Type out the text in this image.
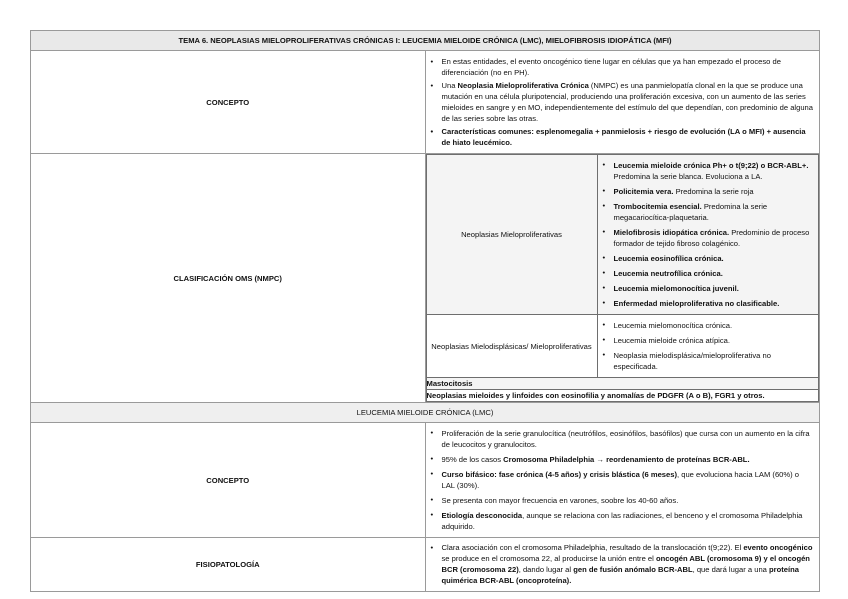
TEMA 6. NEOPLASIAS MIELOPROLIFERATIVAS CRÓNICAS I: LEUCEMIA MIELOIDE CRÓNICA (LMC), MIELOFIBROSIS IDIOPÁTICA (MFI)
CONCEPTO	
• En estas entidades, el evento oncogénico tiene lugar en células que ya han empezado el proceso de diferenciación (no en PH).
• Una Neoplasia Mieloproliferativa Crónica (NMPC) es una panmielopatía clonal en la que se produce una mutación en una célula pluripotencial, produciendo una proliferación excesiva, con un aumento de las series mieloides en sangre y en MO, independientemente del estímulo del que dependían, con predominio de alguna de las series sobre las otras.
• Características comunes: esplenomegalia + panmielosis + riesgo de evolución (LA o MFI) + ausencia de hiato leucémico.

CLASIFICACIÓN OMS (NMPC)	
Neoplasias Mieloproliferativas	
• Leucemia mieloide crónica Ph+ o t(9;22) o BCR-ABL+. Predomina la serie blanca. Evoluciona a LA.
• Policitemia vera. Predomina la serie roja
• Trombocitemia esencial. Predomina la serie megacariocítica-plaquetaria.
• Mielofibrosis idiopática crónica. Predominio de proceso formador de tejido fibroso colagénico.
• Leucemia eosinofílica crónica.
• Leucemia neutrofílica crónica.
• Leucemia mielomonocítica juvenil.
• Enfermedad mieloproliferativa no clasificable.

Neoplasias Mielodisplásicas/ Mieloproliferativas	
• Leucemia mielomonocítica crónica.
• Leucemia mieloide crónica atípica.
• Neoplasia mielodisplásica/mieloproliferativa no especificada.

Mastocitosis
Neoplasias mieloides y linfoides con eosinofilia y anomalías de PDGFR (A o B), FGR1 y otros.

LEUCEMIA MIELOIDE CRÓNICA (LMC)
CONCEPTO	
• Proliferación de la serie granulocítica (neutrófilos, eosinófilos, basófilos) que cursa con un aumento en la cifra de leucocitos y granulocitos.
• 95% de los casos Cromosoma Philadelphia → reordenamiento de proteínas BCR-ABL.
• Curso bifásico: fase crónica (4-5 años) y crisis blástica (6 meses), que evoluciona hacia LAM (60%) o LAL (30%).
• Se presenta con mayor frecuencia en varones, soobre los 40-60 años.
• Etiología desconocida, aunque se relaciona con las radiaciones, el benceno y el cromosoma Philadelphia adquirido.

FISIOPATOLOGÍA	
• Clara asociación con el cromosoma Philadelphia, resultado de la translocación t(9;22). El evento oncogénico se produce en el cromosoma 22, al producirse la unión entre el oncogén ABL (cromosoma 9) y el oncogén BCR (cromosoma 22), dando lugar al gen de fusión anómalo BCR-ABL, que dará lugar a una proteína quimérica BCR-ABL (oncoproteína).
